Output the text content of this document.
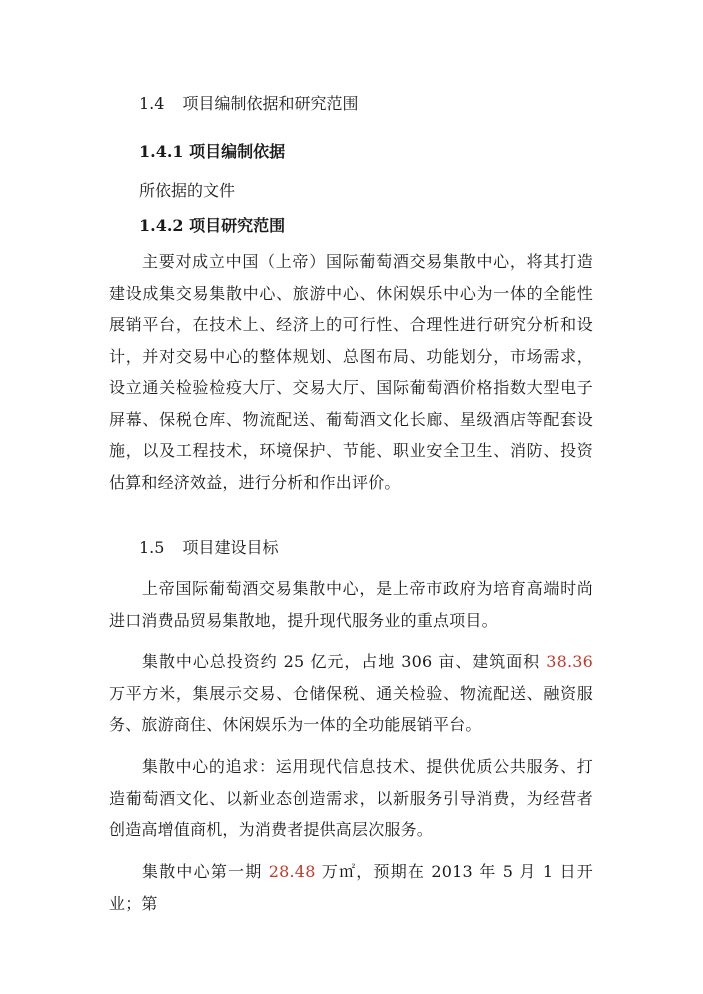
1.4 项目编制依据和研究范围
1.4.1 项目编制依据
所依据的文件
1.4.2 项目研究范围
主要对成立中国（上帝）国际葡萄酒交易集散中心，将其打造建设成集交易集散中心、旅游中心、休闲娱乐中心为一体的全能性展销平台，在技术上、经济上的可行性、合理性进行研究分析和设计，并对交易中心的整体规划、总图布局、功能划分，市场需求，设立通关检验检疫大厅、交易大厅、国际葡萄酒价格指数大型电子屏幕、保税仓库、物流配送、葡萄酒文化长廊、星级酒店等配套设施，以及工程技术，环境保护、节能、职业安全卫生、消防、投资估算和经济效益，进行分析和作出评价。
1.5 项目建设目标
上帝国际葡萄酒交易集散中心，是上帝市政府为培育高端时尚进口消费品贸易集散地，提升现代服务业的重点项目。
集散中心总投资约 25 亿元，占地 306 亩、建筑面积 38.36 万平方米，集展示交易、仓储保税、通关检验、物流配送、融资服务、旅游商住、休闲娱乐为一体的全功能展销平台。
集散中心的追求：运用现代信息技术、提供优质公共服务、打造葡萄酒文化、以新业态创造需求，以新服务引导消费，为经营者创造高增值商机，为消费者提供高层次服务。
集散中心第一期 28.48 万㎡，预期在 2013 年 5 月 1 日开业；第
